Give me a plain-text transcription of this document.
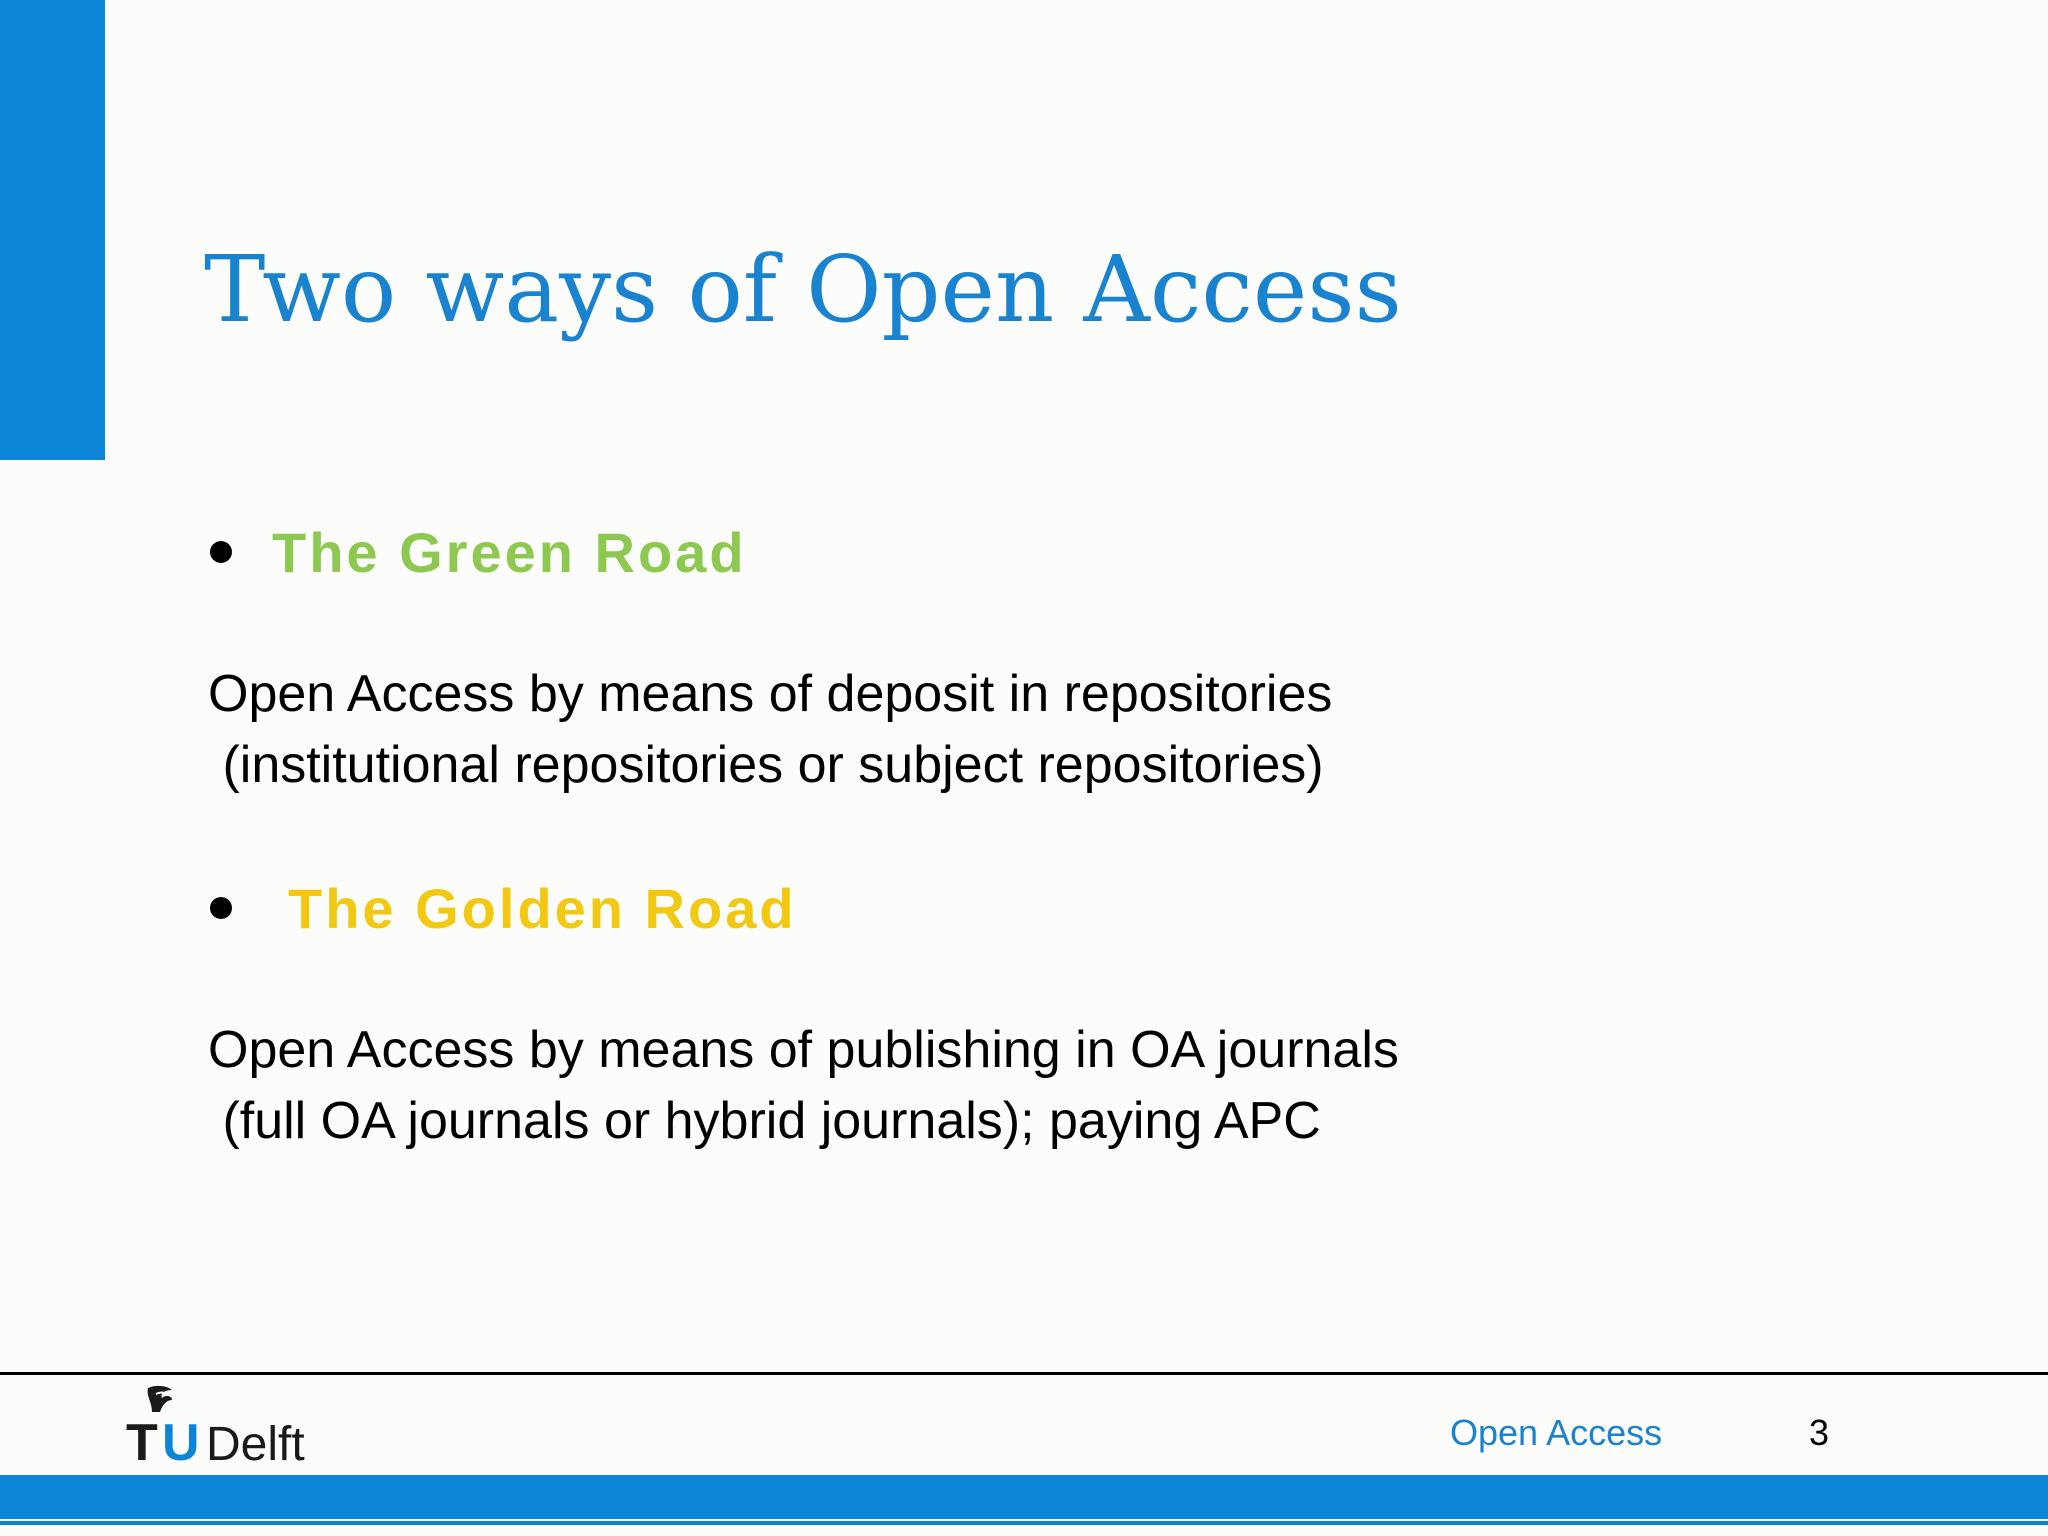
Two ways of Open Access
The Green Road

Open Access by means of deposit in repositories
(institutional repositories or subject repositories)

The Golden Road

Open Access by means of publishing in OA journals
(full OA journals or hybrid journals); paying APC

T U Delft	Open Access	3
